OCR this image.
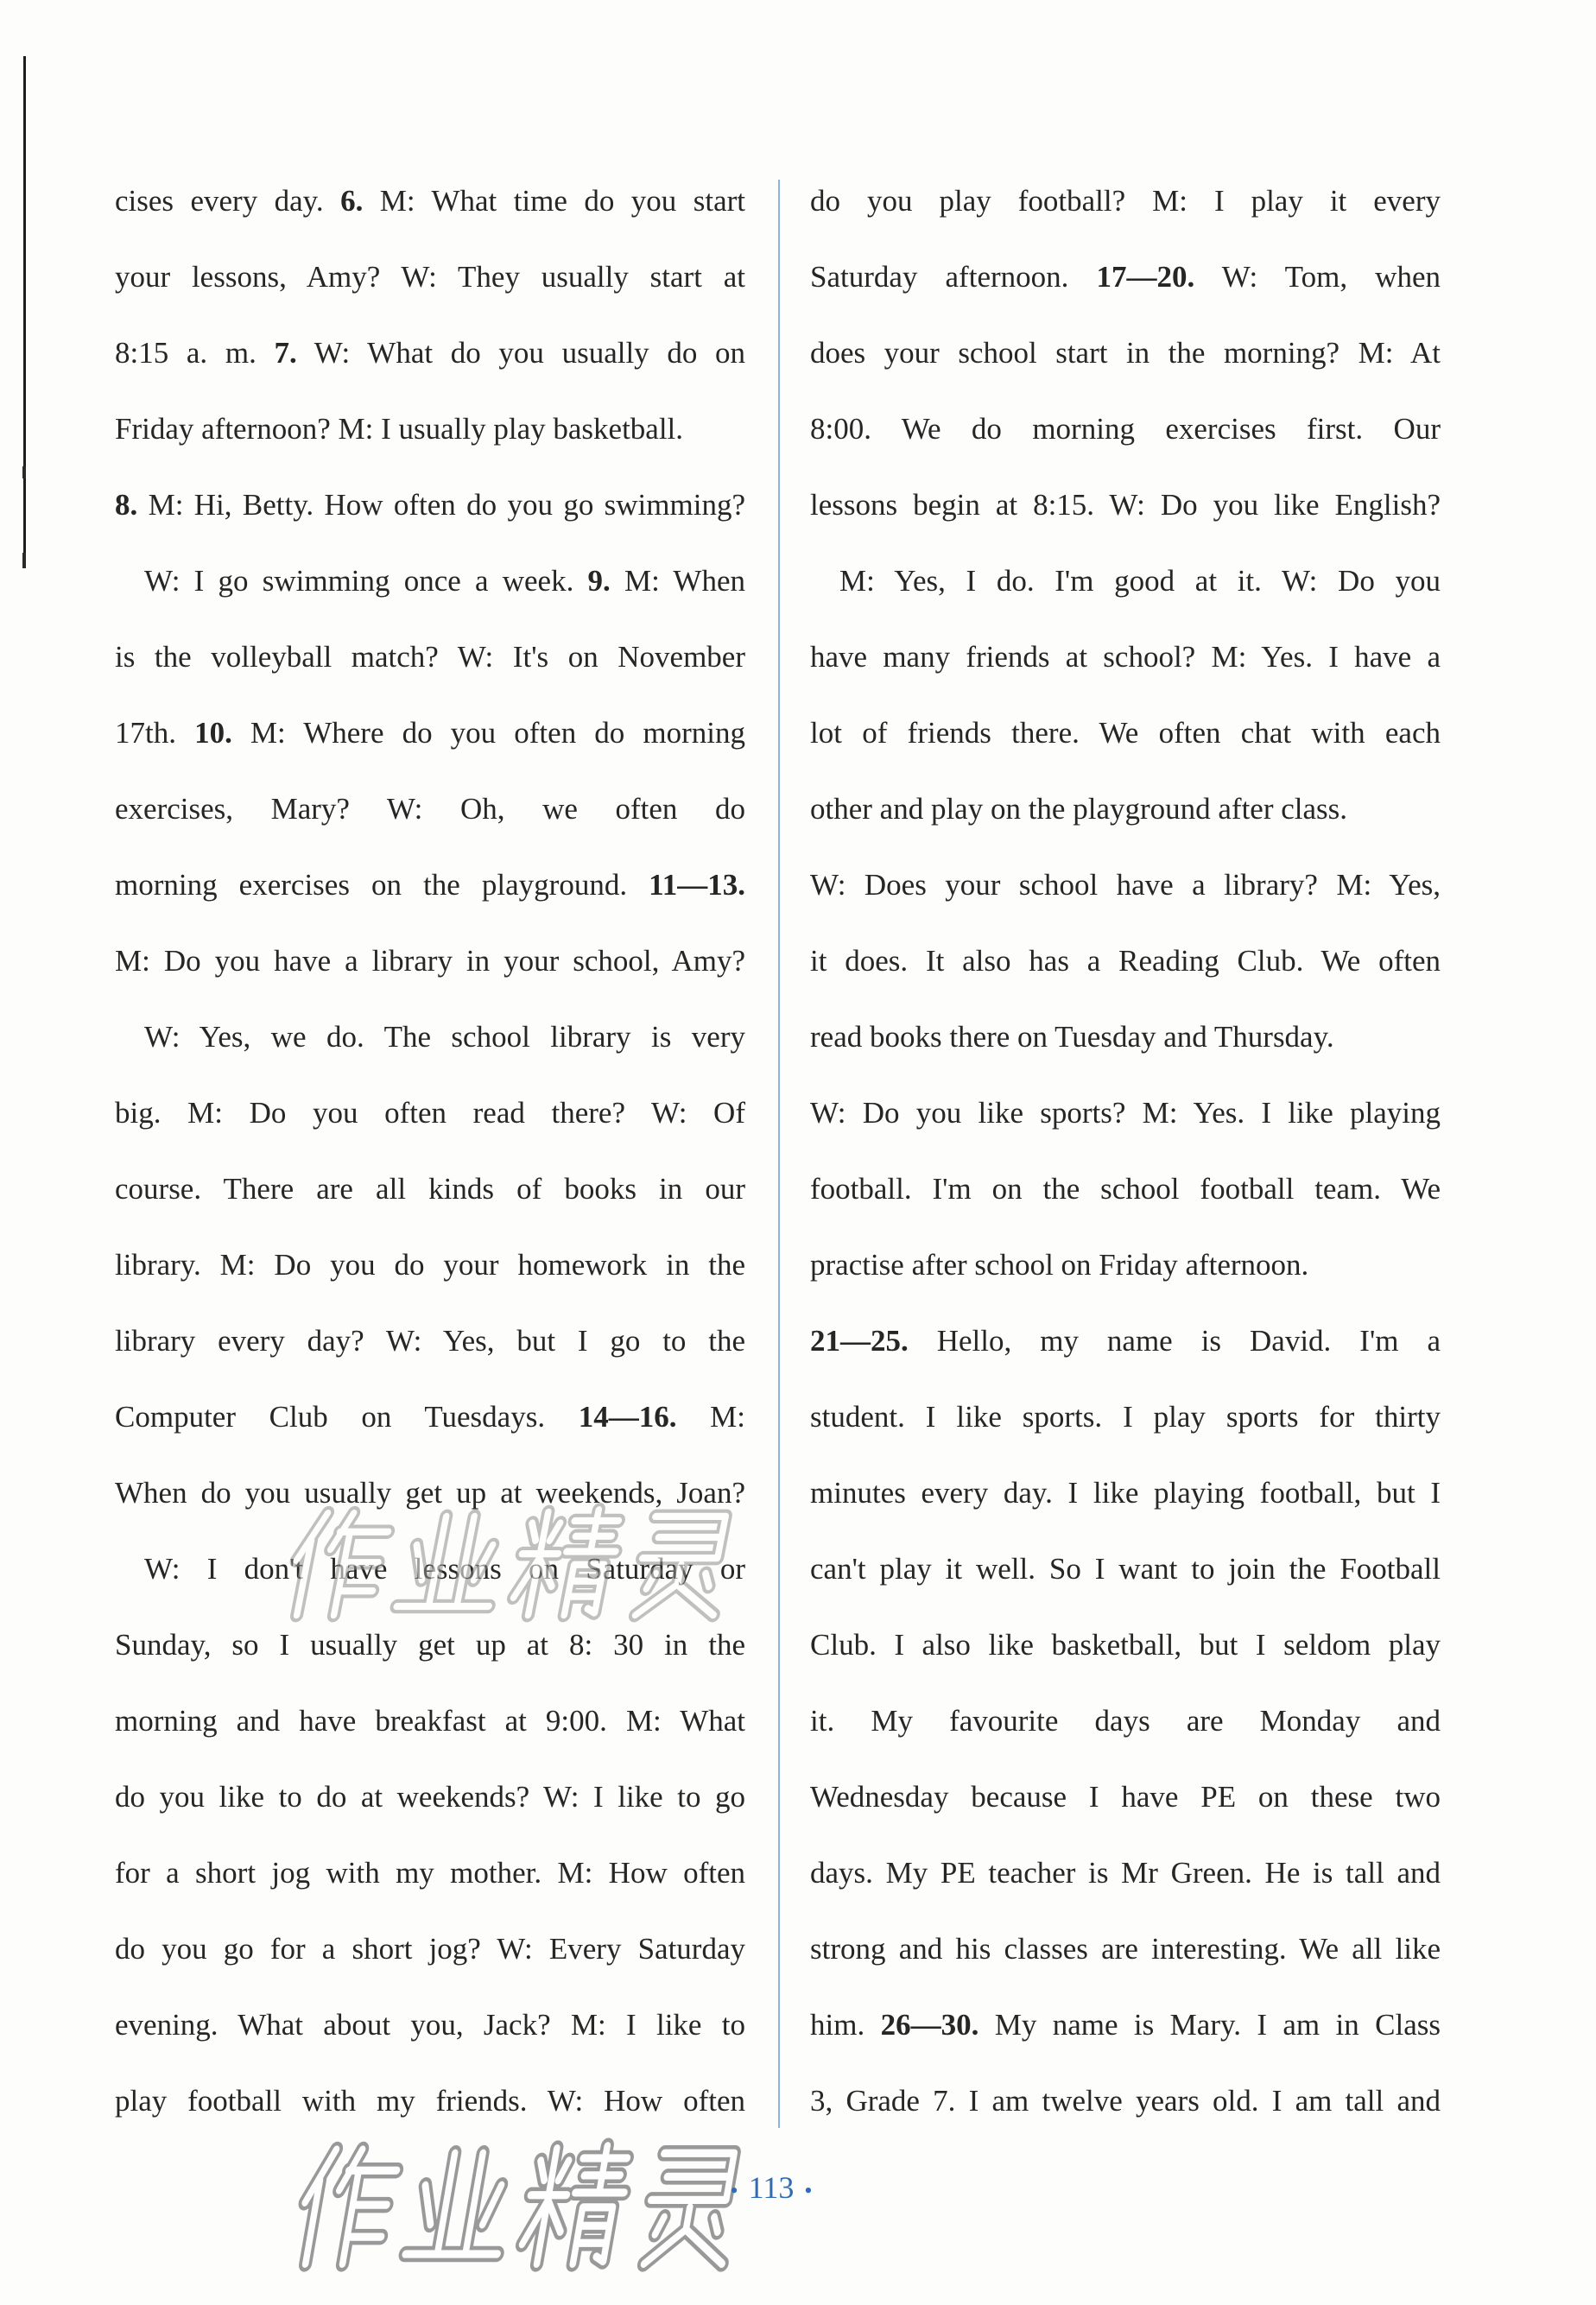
cises every day. 6. M: What time do you start
your lessons, Amy? W: They usually start at
8:15 a. m. 7. W: What do you usually do on
Friday afternoon? M: I usually play basketball.
8. M: Hi, Betty. How often do you go swimming?
W: I go swimming once a week. 9. M: When
is the volleyball match? W: It's on November
17th. 10. M: Where do you often do morning
exercises, Mary? W: Oh, we often do
morning exercises on the playground. 11—13.
M: Do you have a library in your school, Amy?
W: Yes, we do. The school library is very
big. M: Do you often read there? W: Of
course. There are all kinds of books in our
library. M: Do you do your homework in the
library every day? W: Yes, but I go to the
Computer Club on Tuesdays. 14—16. M:
When do you usually get up at weekends, Joan?
W: I don't have lessons on Saturday or
Sunday, so I usually get up at 8: 30 in the
morning and have breakfast at 9:00. M: What
do you like to do at weekends? W: I like to go
for a short jog with my mother. M: How often
do you go for a short jog? W: Every Saturday
evening. What about you, Jack? M: I like to
play football with my friends. W: How often
do you play football? M: I play it every
Saturday afternoon. 17—20. W: Tom, when
does your school start in the morning? M: At
8:00. We do morning exercises first. Our
lessons begin at 8:15. W: Do you like English?
M: Yes, I do. I'm good at it. W: Do you
have many friends at school? M: Yes. I have a
lot of friends there. We often chat with each
other and play on the playground after class.
W: Does your school have a library? M: Yes,
it does. It also has a Reading Club. We often
read books there on Tuesday and Thursday.
W: Do you like sports? M: Yes. I like playing
football. I'm on the school football team. We
practise after school on Friday afternoon.
21—25. Hello, my name is David. I'm a
student. I like sports. I play sports for thirty
minutes every day. I like playing football, but I
can't play it well. So I want to join the Football
Club. I also like basketball, but I seldom play
it. My favourite days are Monday and
Wednesday because I have PE on these two
days. My PE teacher is Mr Green. He is tall and
strong and his classes are interesting. We all like
him. 26—30. My name is Mary. I am in Class
3, Grade 7. I am twelve years old. I am tall and
• 113 •
